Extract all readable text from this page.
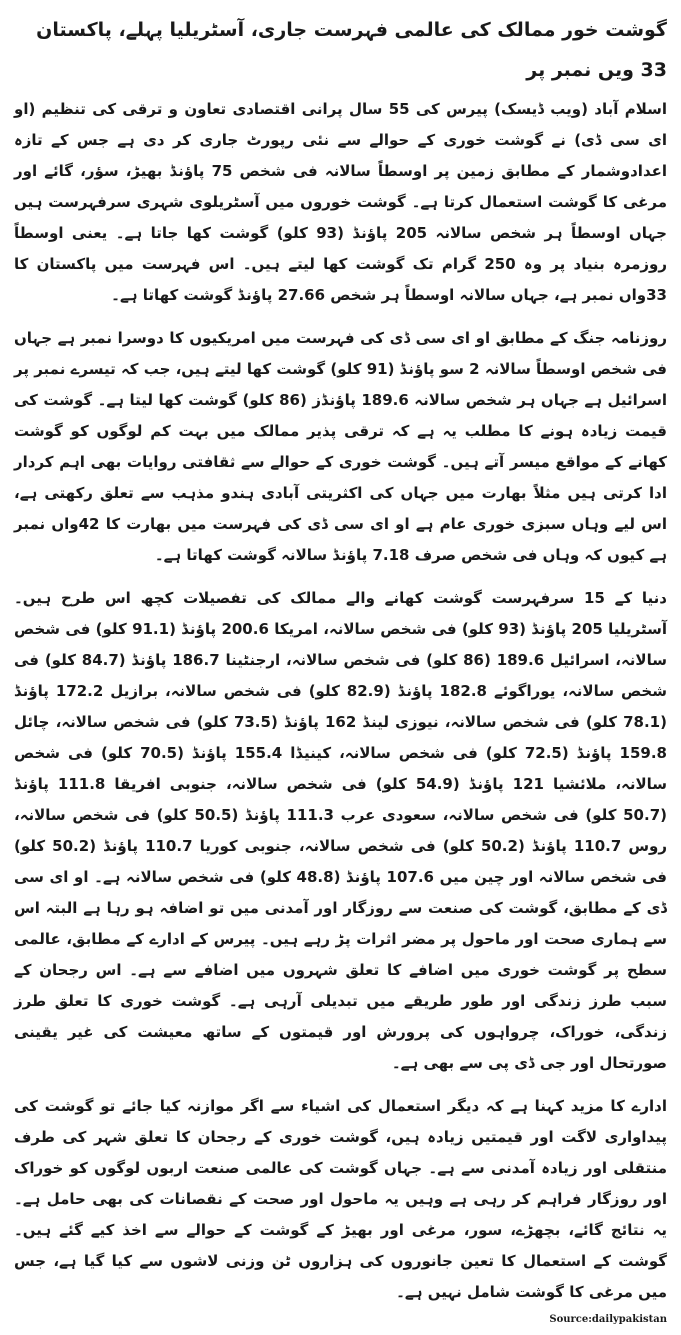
گوشت خور ممالک کی عالمی فہرست جاری، آسٹریلیا پہلے، پاکستان 33 ویں نمبر پر

اسلام آباد (ویب ڈیسک) پیرس کی 55 سال پرانی اقتصادی تعاون و ترقی کی تنظیم (او ای سی ڈی) نے گوشت خوری کے حوالے سے نئی رپورٹ جاری کر دی ہے جس کے تازہ اعدادوشمار کے مطابق زمین پر اوسطاً سالانہ فی شخص 75 پاؤنڈ بھیڑ، سؤر، گائے اور مرغی کا گوشت استعمال کرتا ہے۔ گوشت خوروں میں آسٹریلوی شہری سرفہرست ہیں جہاں اوسطاً ہر شخص سالانہ 205 پاؤنڈ (93 کلو) گوشت کھا جاتا ہے۔ یعنی اوسطاً روزمرہ بنیاد پر وہ 250 گرام تک گوشت کھا لیتے ہیں۔ اس فہرست میں پاکستان کا 33واں نمبر ہے، جہاں سالانہ اوسطاً ہر شخص 27.66 پاؤنڈ گوشت کھاتا ہے۔

روزنامہ جنگ کے مطابق او ای سی ڈی کی فہرست میں امریکیوں کا دوسرا نمبر ہے جہاں فی شخص اوسطاً سالانہ 2 سو پاؤنڈ (91 کلو) گوشت کھا لیتے ہیں، جب کہ تیسرے نمبر پر اسرائیل ہے جہاں ہر شخص سالانہ 189.6 پاؤنڈز (86 کلو) گوشت کھا لیتا ہے۔ گوشت کی قیمت زیادہ ہونے کا مطلب یہ ہے کہ ترقی پذیر ممالک میں بہت کم لوگوں کو گوشت کھانے کے مواقع میسر آتے ہیں۔ گوشت خوری کے حوالے سے ثقافتی روایات بھی اہم کردار ادا کرتی ہیں مثلاً بھارت میں جہاں کی اکثریتی آبادی ہندو مذہب سے تعلق رکھتی ہے، اس لیے وہاں سبزی خوری عام ہے او ای سی ڈی کی فہرست میں بھارت کا 42واں نمبر ہے کیوں کہ وہاں فی شخص صرف 7.18 پاؤنڈ سالانہ گوشت کھاتا ہے۔

دنیا کے 15 سرفہرست گوشت کھانے والے ممالک کی تفصیلات کچھ اس طرح ہیں۔ آسٹریلیا 205 پاؤنڈ (93 کلو) فی شخص سالانہ، امریکا 200.6 پاؤنڈ (91.1 کلو) فی شخص سالانہ، اسرائیل 189.6 (86 کلو) فی شخص سالانہ، ارجنٹینا 186.7 پاؤنڈ (84.7 کلو) فی شخص سالانہ، یوراگوئے 182.8 پاؤنڈ (82.9 کلو) فی شخص سالانہ، برازیل 172.2 پاؤنڈ (78.1 کلو) فی شخص سالانہ، نیوزی لینڈ 162 پاؤنڈ (73.5 کلو) فی شخص سالانہ، چائل 159.8 پاؤنڈ (72.5 کلو) فی شخص سالانہ، کینیڈا 155.4 پاؤنڈ (70.5 کلو) فی شخص سالانہ، ملائشیا 121 پاؤنڈ (54.9 کلو) فی شخص سالانہ، جنوبی افریقا 111.8 پاؤنڈ (50.7 کلو) فی شخص سالانہ، سعودی عرب 111.3 پاؤنڈ (50.5 کلو) فی شخص سالانہ، روس 110.7 پاؤنڈ (50.2 کلو) فی شخص سالانہ، جنوبی کوریا 110.7 پاؤنڈ (50.2 کلو) فی شخص سالانہ اور چین میں 107.6 پاؤنڈ (48.8 کلو) فی شخص سالانہ ہے۔ او ای سی ڈی کے مطابق، گوشت کی صنعت سے روزگار اور آمدنی میں تو اضافہ ہو رہا ہے البتہ اس سے ہماری صحت اور ماحول پر مضر اثرات پڑ رہے ہیں۔ پیرس کے ادارے کے مطابق، عالمی سطح پر گوشت خوری میں اضافے کا تعلق شہروں میں اضافے سے ہے۔ اس رجحان کے سبب طرز زندگی اور طور طریقے میں تبدیلی آرہی ہے۔ گوشت خوری کا تعلق طرز زندگی، خوراک، چرواہوں کی پرورش اور قیمتوں کے ساتھ معیشت کی غیر یقینی صورتحال اور جی ڈی پی سے بھی ہے۔

ادارے کا مزید کہنا ہے کہ دیگر استعمال کی اشیاء سے اگر موازنہ کیا جائے تو گوشت کی پیداواری لاگت اور قیمتیں زیادہ ہیں، گوشت خوری کے رجحان کا تعلق شہر کی طرف منتقلی اور زیادہ آمدنی سے ہے۔ جہاں گوشت کی عالمی صنعت اربوں لوگوں کو خوراک اور روزگار فراہم کر رہی ہے وہیں یہ ماحول اور صحت کے نقصانات کی بھی حامل ہے۔ یہ نتائج گائے، بچھڑے، سور، مرغی اور بھیڑ کے گوشت کے حوالے سے اخذ کیے گئے ہیں۔ گوشت کے استعمال کا تعین جانوروں کی ہزاروں ٹن وزنی لاشوں سے کیا گیا ہے، جس میں مرغی کا گوشت شامل نہیں ہے۔

Source:dailypakistan
